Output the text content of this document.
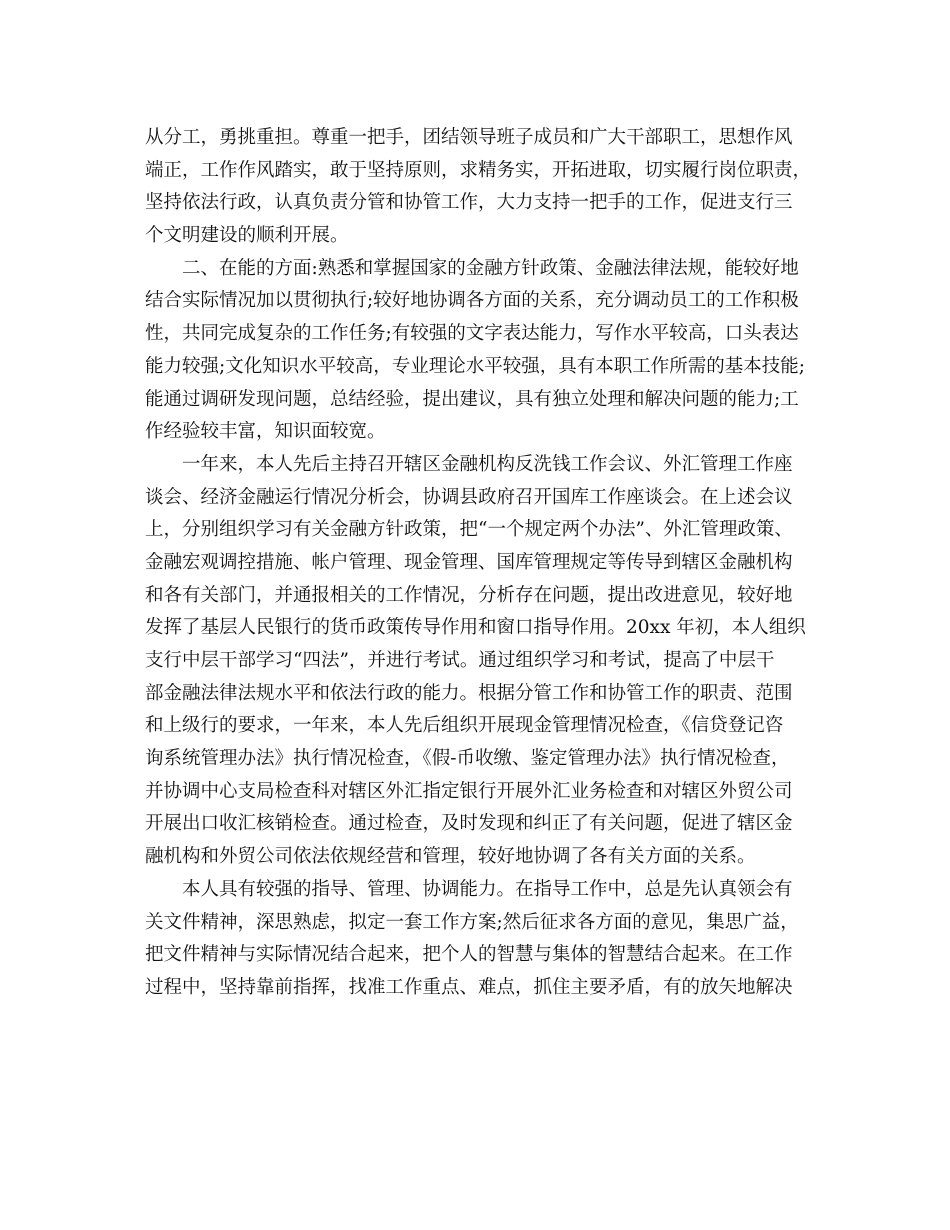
从分工，勇挑重担。尊重一把手，团结领导班子成员和广大干部职工，思想作风
端正，工作作风踏实，敢于坚持原则，求精务实，开拓进取，切实履行岗位职责，
坚持依法行政，认真负责分管和协管工作，大力支持一把手的工作，促进支行三
个文明建设的顺利开展。
　　二、在能的方面:熟悉和掌握国家的金融方针政策、金融法律法规，能较好地
结合实际情况加以贯彻执行;较好地协调各方面的关系，充分调动员工的工作积极
性，共同完成复杂的工作任务;有较强的文字表达能力，写作水平较高，口头表达
能力较强;文化知识水平较高，专业理论水平较强，具有本职工作所需的基本技能;
能通过调研发现问题，总结经验，提出建议，具有独立处理和解决问题的能力;工
作经验较丰富，知识面较宽。
　　一年来，本人先后主持召开辖区金融机构反洗钱工作会议、外汇管理工作座
谈会、经济金融运行情况分析会，协调县政府召开国库工作座谈会。在上述会议
上，分别组织学习有关金融方针政策，把“一个规定两个办法”、外汇管理政策、
金融宏观调控措施、帐户管理、现金管理、国库管理规定等传导到辖区金融机构
和各有关部门，并通报相关的工作情况，分析存在问题，提出改进意见，较好地
发挥了基层人民银行的货币政策传导作用和窗口指导作用。20xx 年初，本人组织
支行中层干部学习“四法”，并进行考试。通过组织学习和考试，提高了中层干
部金融法律法规水平和依法行政的能力。根据分管工作和协管工作的职责、范围
和上级行的要求，一年来，本人先后组织开展现金管理情况检查，《信贷登记咨
询系统管理办法》执行情况检查，《假-币收缴、鉴定管理办法》执行情况检查，
并协调中心支局检查科对辖区外汇指定银行开展外汇业务检查和对辖区外贸公司
开展出口收汇核销检查。通过检查，及时发现和纠正了有关问题，促进了辖区金
融机构和外贸公司依法依规经营和管理，较好地协调了各有关方面的关系。
　　本人具有较强的指导、管理、协调能力。在指导工作中，总是先认真领会有
关文件精神，深思熟虑，拟定一套工作方案;然后征求各方面的意见，集思广益，
把文件精神与实际情况结合起来，把个人的智慧与集体的智慧结合起来。在工作
过程中，坚持靠前指挥，找准工作重点、难点，抓住主要矛盾，有的放矢地解决
